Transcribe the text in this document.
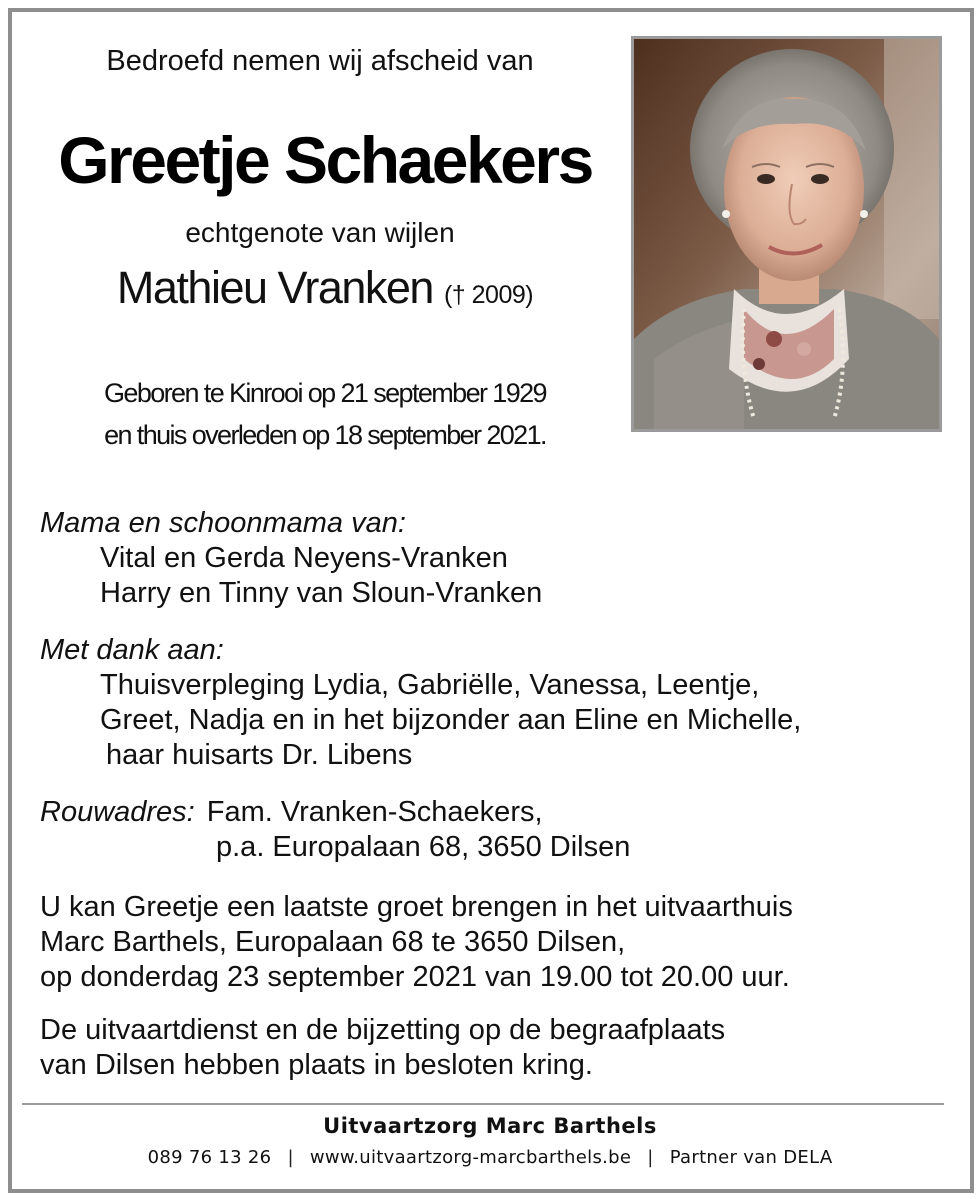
Bedroefd nemen wij afscheid van
Greetje Schaekers
echtgenote van wijlen
Mathieu Vranken († 2009)
Geboren te Kinrooi op 21 september 1929
en thuis overleden op 18 september 2021.
Mama en schoonmama van:
Vital en Gerda Neyens-Vranken
Harry en Tinny van Sloun-Vranken
Met dank aan:
Thuisverpleging Lydia, Gabriëlle, Vanessa, Leentje,
Greet, Nadja en in het bijzonder aan Eline en Michelle,
haar huisarts Dr. Libens
Rouwadres: Fam. Vranken-Schaekers,
p.a. Europalaan 68, 3650 Dilsen
U kan Greetje een laatste groet brengen in het uitvaarthuis
Marc Barthels, Europalaan 68 te 3650 Dilsen,
op donderdag 23 september 2021 van 19.00 tot 20.00 uur.
De uitvaartdienst en de bijzetting op de begraafplaats
van Dilsen hebben plaats in besloten kring.
Uitvaartzorg Marc Barthels
089 76 13 26 | www.uitvaartzorg-marcbarthels.be | Partner van DELA
